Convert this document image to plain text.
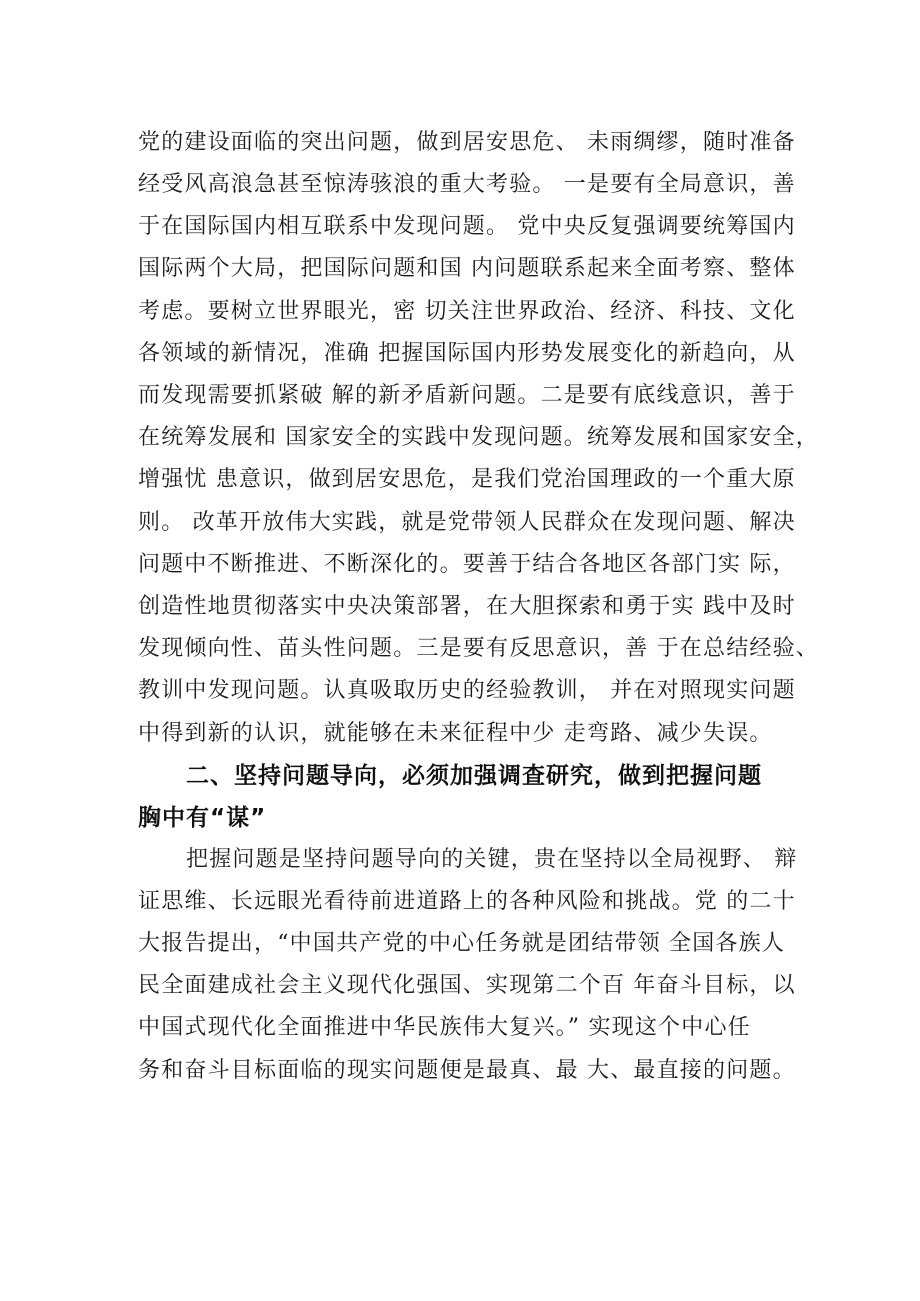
党的建设面临的突出问题，做到居安思危、 未雨绸缪，随时准备
经受风高浪急甚至惊涛骇浪的重大考验。 一是要有全局意识，善
于在国际国内相互联系中发现问题。 党中央反复强调要统筹国内
国际两个大局，把国际问题和国 内问题联系起来全面考察、整体
考虑。要树立世界眼光，密 切关注世界政治、经济、科技、文化
各领域的新情况，准确 把握国际国内形势发展变化的新趋向，从
而发现需要抓紧破 解的新矛盾新问题。二是要有底线意识，善于
在统筹发展和 国家安全的实践中发现问题。统筹发展和国家安全，
增强忧 患意识，做到居安思危，是我们党治国理政的一个重大原
则。 改革开放伟大实践，就是党带领人民群众在发现问题、解决
问题中不断推进、不断深化的。要善于结合各地区各部门实 际，
创造性地贯彻落实中央决策部署，在大胆探索和勇于实 践中及时
发现倾向性、苗头性问题。三是要有反思意识，善 于在总结经验、
教训中发现问题。认真吸取历史的经验教训， 并在对照现实问题
中得到新的认识，就能够在未来征程中少 走弯路、减少失误。
二、坚持问题导向，必须加强调查研究，做到把握问题
胸中有“谋”
把握问题是坚持问题导向的关键，贵在坚持以全局视野、 辩
证思维、长远眼光看待前进道路上的各种风险和挑战。党 的二十
大报告提出，“中国共产党的中心任务就是团结带领 全国各族人
民全面建成社会主义现代化强国、实现第二个百 年奋斗目标，以
中国式现代化全面推进中华民族伟大复兴。” 实现这个中心任
务和奋斗目标面临的现实问题便是最真、最 大、最直接的问题。
